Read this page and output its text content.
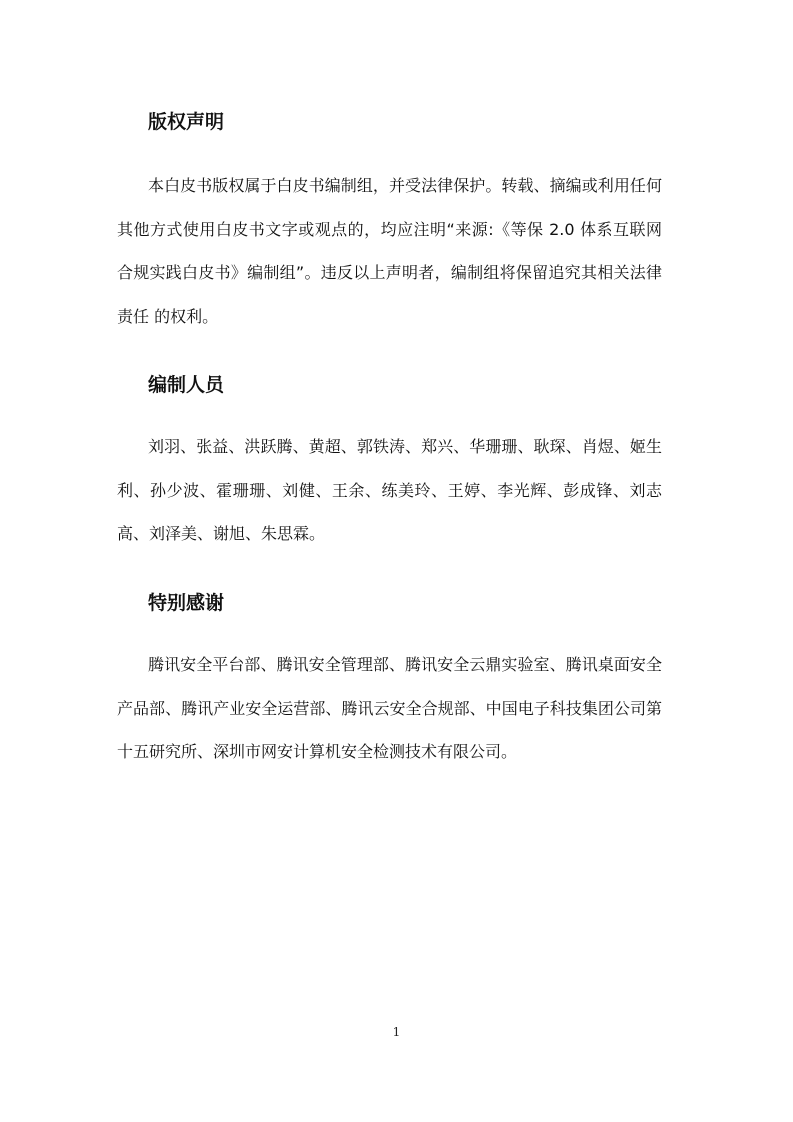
版权声明

本白皮书版权属于白皮书编制组，并受法律保护。转载、摘编或利用任何其他方式使用白皮书文字或观点的，均应注明“来源:《等保 2.0 体系互联网合规实践白皮书》编制组”。违反以上声明者，编制组将保留追究其相关法律责任 的权利。

编制人员

刘羽、张益、洪跃腾、黄超、郭铁涛、郑兴、华珊珊、耿琛、肖煜、姬生利、孙少波、霍珊珊、刘健、王余、练美玲、王婷、李光辉、彭成锋、刘志高、刘泽美、谢旭、朱思霖。

特别感谢

腾讯安全平台部、腾讯安全管理部、腾讯安全云鼎实验室、腾讯桌面安全产品部、腾讯产业安全运营部、腾讯云安全合规部、中国电子科技集团公司第十五研究所、深圳市网安计算机安全检测技术有限公司。

1
